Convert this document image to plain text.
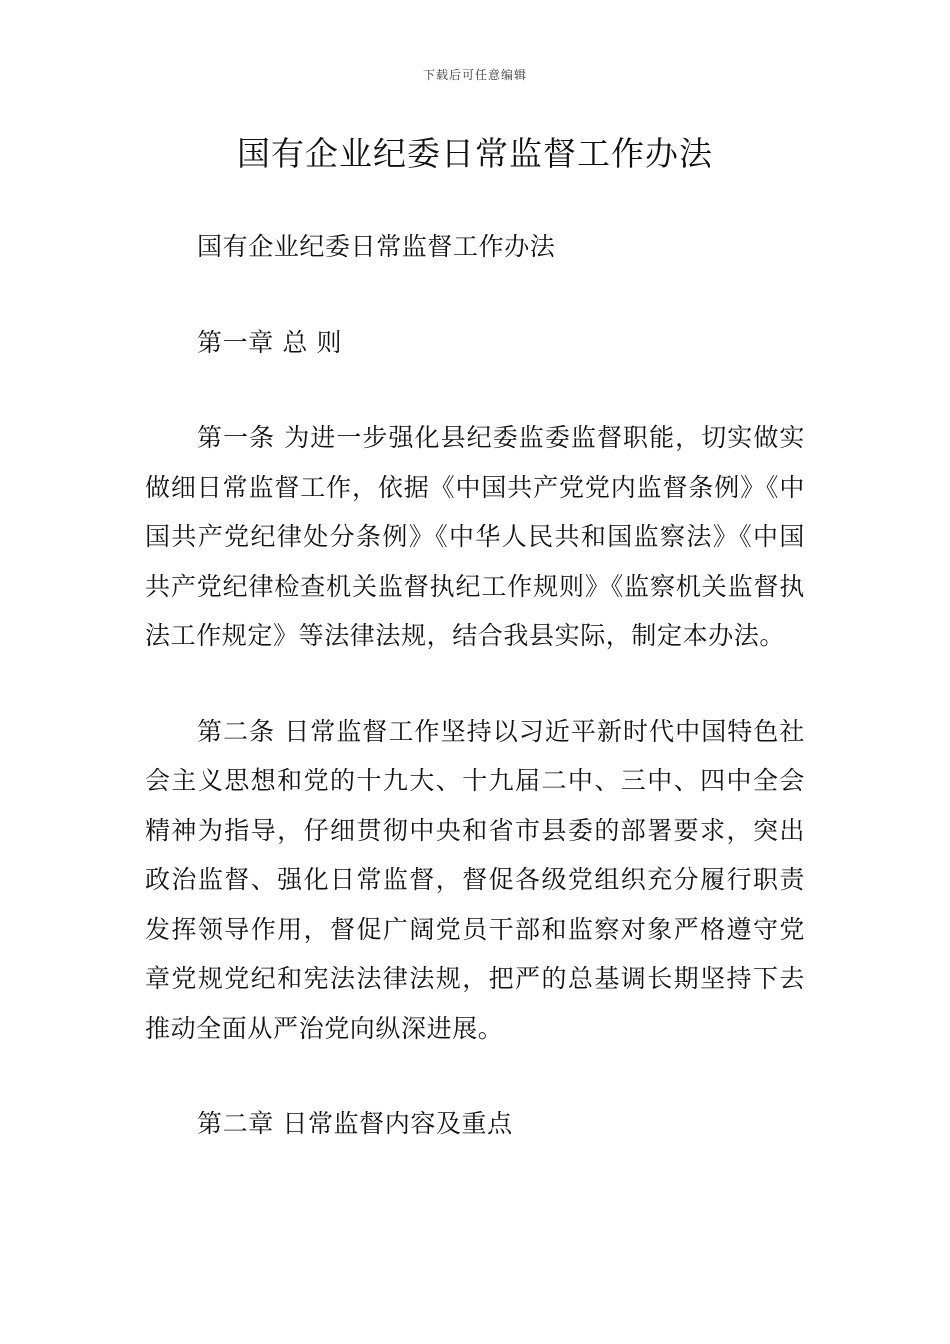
下载后可任意编辑
国有企业纪委日常监督工作办法

国有企业纪委日常监督工作办法

第一章 总 则

第一条 为进一步强化县纪委监委监督职能，切实做实做细日常监督工作，依据《中国共产党党内监督条例》《中国共产党纪律处分条例》《中华人民共和国监察法》《中国共产党纪律检查机关监督执纪工作规则》《监察机关监督执法工作规定》等法律法规，结合我县实际，制定本办法。

第二条 日常监督工作坚持以习近平新时代中国特色社会主义思想和党的十九大、十九届二中、三中、四中全会精神为指导，仔细贯彻中央和省市县委的部署要求，突出政治监督、强化日常监督，督促各级党组织充分履行职责发挥领导作用，督促广阔党员干部和监察对象严格遵守党章党规党纪和宪法法律法规，把严的总基调长期坚持下去推动全面从严治党向纵深进展。

第二章 日常监督内容及重点
